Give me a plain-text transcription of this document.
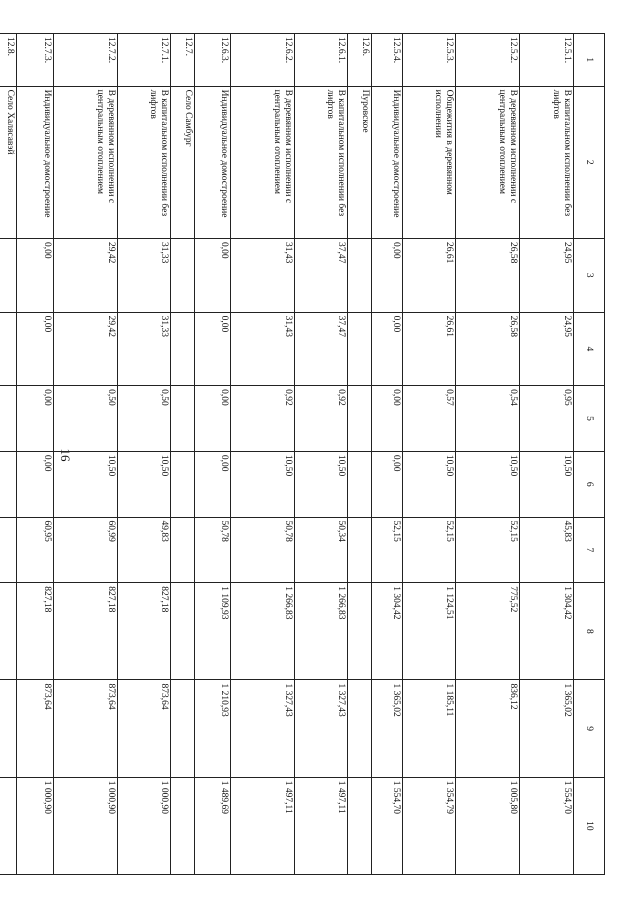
16
1	2	3	4	5	6	7	8	9	10
12.5.1.	В капитальном исполнении без лифтов	24,95	24,95	0,95	10,50	45,83	1 304,42	1 365,02	1 554,70
12.5.2.	В деревянном исполнении с центральным отоплением	26,58	26,58	0,54	10,50	52,15	775,52	836,12	1 005,80
12.5.3.	Общежития в деревянном исполнении	26,61	26,61	0,57	10,50	52,15	1 124,51	1 185,11	1 354,79
12.5.4.	Индивидуальное домостроение	0,00	0,00	0,00	0,00	52,15	1 304,42	1 365,02	1 554,70
12.6.	Пуровское								
12.6.1.	В капитальном исполнении без лифтов	37,47	37,47	0,92	10,50	50,34	1 266,83	1 327,43	1 497,11
12.6.2.	В деревянном исполнении с центральным отоплением	31,43	31,43	0,92	10,50	50,78	1 266,83	1 327,43	1 497,11
12.6.3.	Индивидуальное домостроение	0,00	0,00	0,00	0,00	50,78	1 109,93	1 210,93	1 489,69
12.7.	Село Самбург								
12.7.1.	В капитальном исполнении без лифтов	31,33	31,33	0,50	10,50	49,83	827,18	873,64	1 000,90
12.7.2.	В деревянном исполнении с центральным отоплением	29,42	29,42	0,50	10,50	60,99	827,18	873,64	1 000,90
12.7.3.	Индивидуальное домостроение	0,00	0,00	0,00	0,00	60,95	827,18	873,64	1 000,90
12.8.	Село Халясавэй								
